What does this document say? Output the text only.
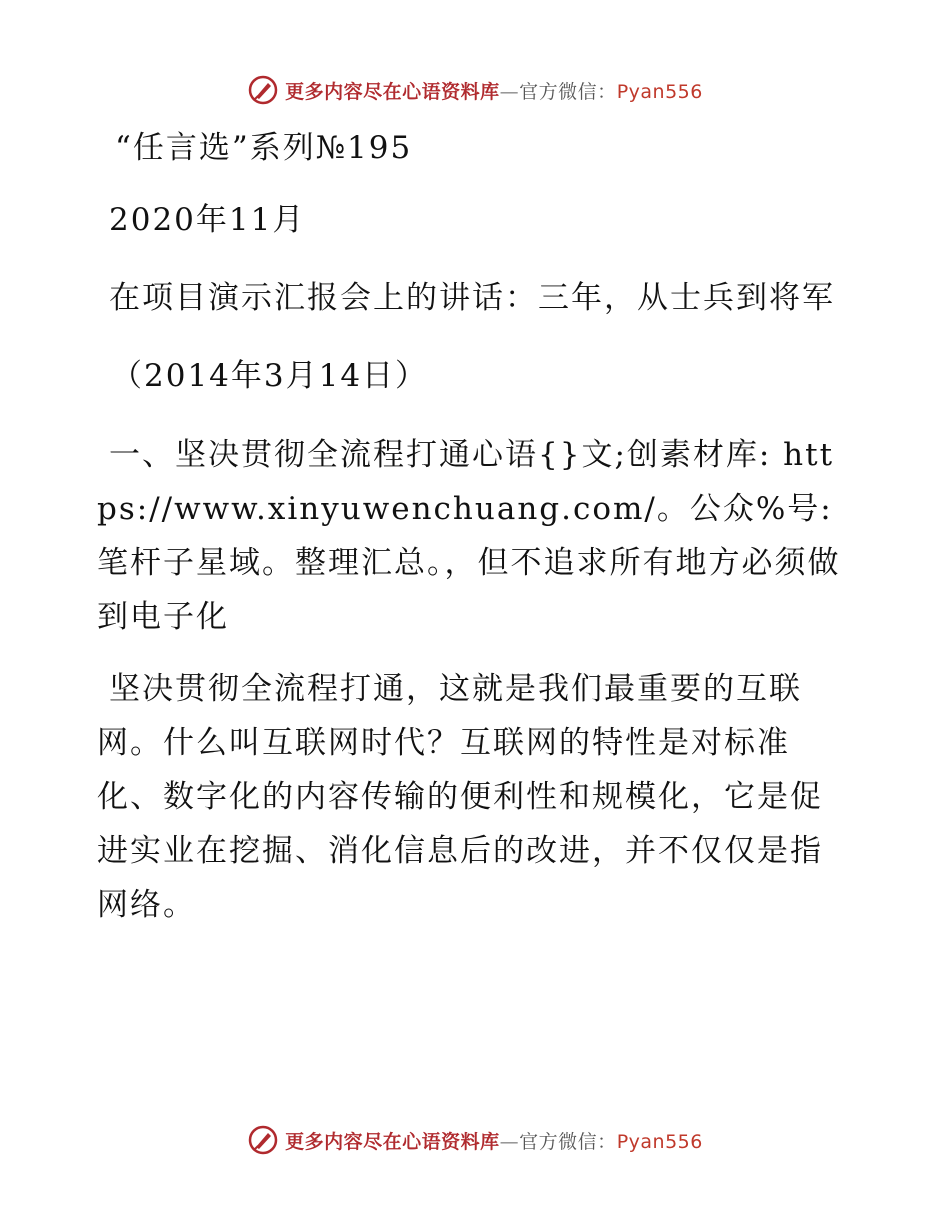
更多内容尽在心语资料库—官方微信：Pyan556

“任言选”系列№195

2020年11月

在项目演示汇报会上的讲话：三年，从士兵到将军

（2014年3月14日）

一、坚决贯彻全流程打通心语{}文;创素材库: https://www.xinyuwenchuang.com/。公众%号: 笔杆子星域。整理汇总。，但不追求所有地方必须做到电子化

坚决贯彻全流程打通，这就是我们最重要的互联网。什么叫互联网时代？互联网的特性是对标准化、数字化的内容传输的便利性和规模化，它是促进实业在挖掘、消化信息后的改进，并不仅仅是指网络。

更多内容尽在心语资料库—官方微信：Pyan556
